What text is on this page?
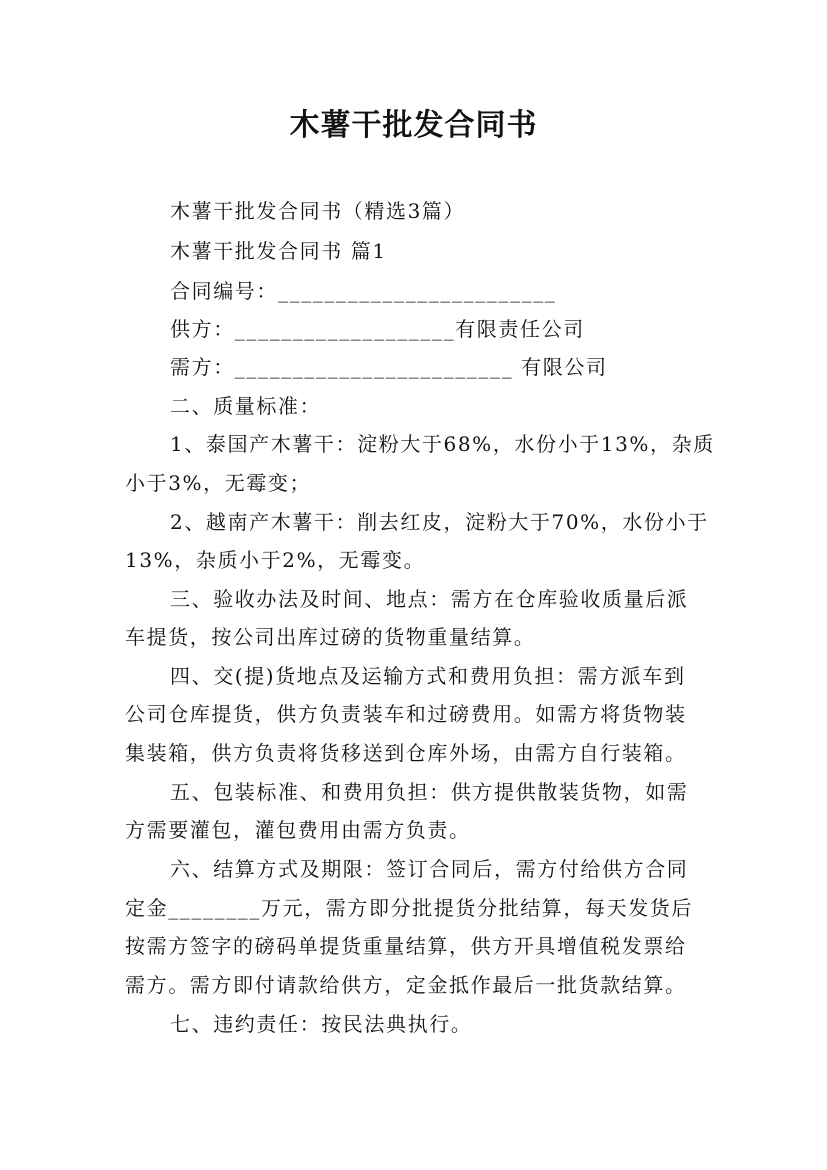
木薯干批发合同书
木薯干批发合同书（精选3篇）
木薯干批发合同书 篇1
合同编号：________________________
供方：___________________有限责任公司
需方：________________________ 有限公司
二、质量标准：
1、泰国产木薯干：淀粉大于68%，水份小于13%，杂质
小于3%，无霉变；
2、越南产木薯干：削去红皮，淀粉大于70%，水份小于
13%，杂质小于2%，无霉变。
三、验收办法及时间、地点：需方在仓库验收质量后派
车提货，按公司出库过磅的货物重量结算。
四、交(提)货地点及运输方式和费用负担：需方派车到
公司仓库提货，供方负责装车和过磅费用。如需方将货物装
集装箱，供方负责将货移送到仓库外场，由需方自行装箱。
五、包装标准、和费用负担：供方提供散装货物，如需
方需要灌包，灌包费用由需方负责。
六、结算方式及期限：签订合同后，需方付给供方合同
定金________万元，需方即分批提货分批结算，每天发货后
按需方签字的磅码单提货重量结算，供方开具增值税发票给
需方。需方即付请款给供方，定金抵作最后一批货款结算。
七、违约责任：按民法典执行。
